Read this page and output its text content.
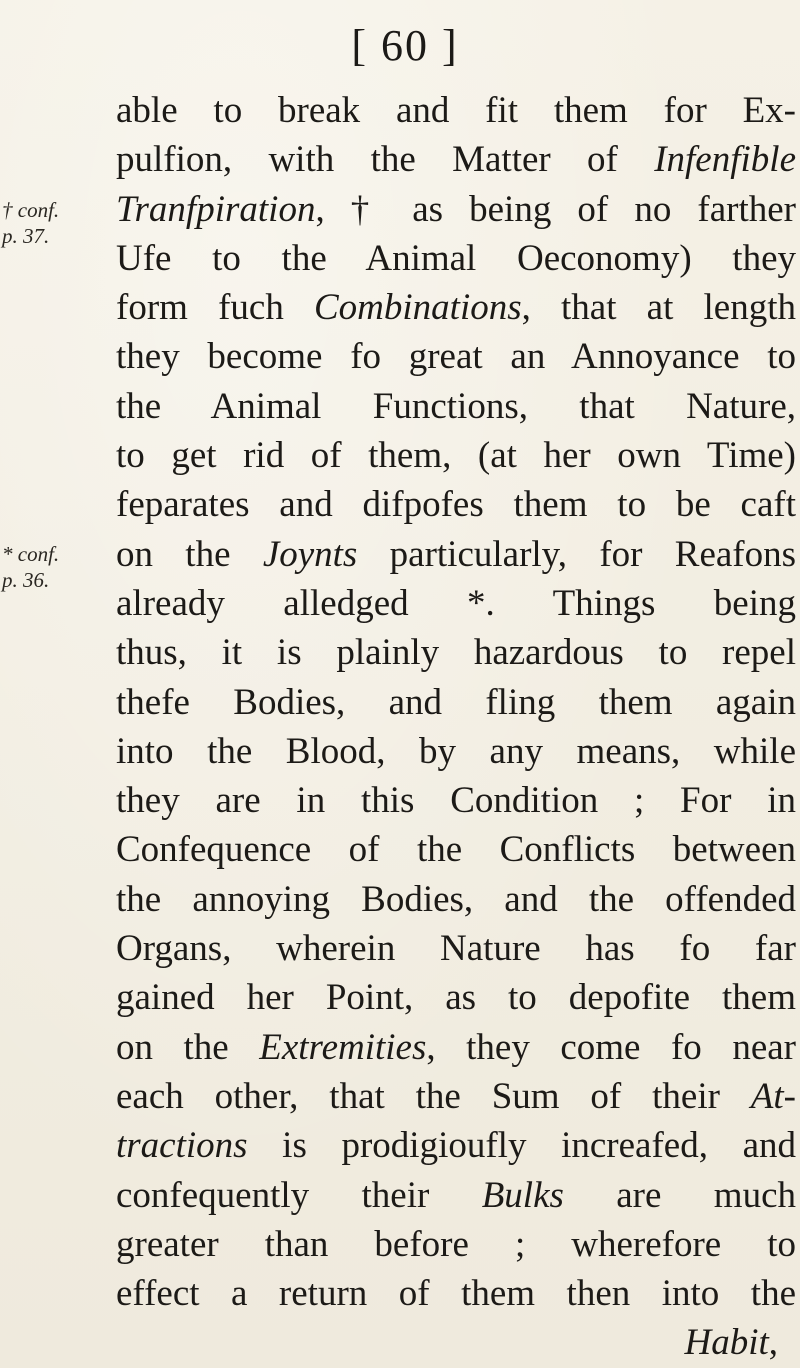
[ 60 ]
† conf.
p. 37.
* conf.
p. 36.
able to break and fit them for Ex-
pulfion, with the Matter of Infenfible
Tranfpiration, † as being of no farther
Ufe to the Animal Oeconomy) they
form fuch Combinations, that at length
they become fo great an Annoyance to
the Animal Functions, that Nature,
to get rid of them, (at her own Time)
feparates and difpofes them to be caft
on the Joynts particularly, for Reafons
already alledged *. Things being
thus, it is plainly hazardous to repel
thefe Bodies, and fling them again
into the Blood, by any means, while
they are in this Condition ; For in
Confequence of the Conflicts between
the annoying Bodies, and the offended
Organs, wherein Nature has fo far
gained her Point, as to depofite them
on the Extremities, they come fo near
each other, that the Sum of their At-
tractions is prodigioufly increafed, and
confequently their Bulks are much
greater than before ; wherefore to
effect a return of them then into the
Habit,
